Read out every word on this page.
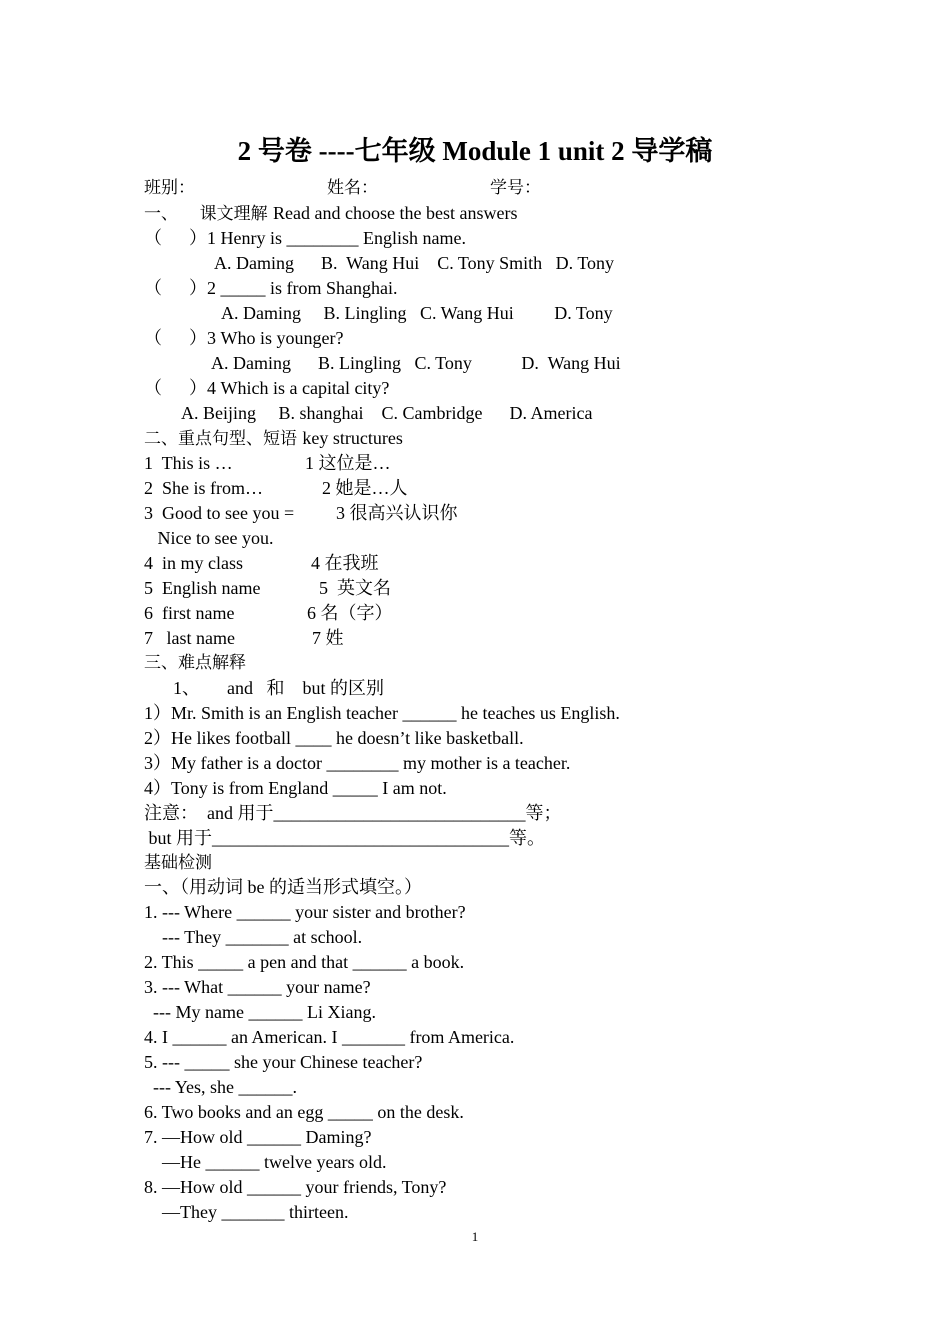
2 号卷 ----七年级 Module 1 unit 2 导学稿
班别：	姓名：	学号：
一、    课文理解 Read and choose the best answers
（      ）1 Henry is ________ English name.
A. Daming      B.  Wang Hui    C. Tony Smith   D. Tony
（      ）2 _____ is from Shanghai.
A. Daming     B. Lingling   C. Wang Hui         D. Tony
（      ）3 Who is younger?
A. Daming      B. Lingling   C. Tony           D.  Wang Hui
（      ）4 Which is a capital city?
A. Beijing     B. shanghai    C. Cambridge      D. America
二、重点句型、短语 key structures
1  This is …	1 这位是…
2  She is from…	2 她是…人
3  Good to see you = 3 很高兴认识你
Nice to see you.
4  in my class	4 在我班
5  English name	5  英文名
6  first name	6 名（字）
7   last name	7 姓
三、难点解释
1、      and   和    but 的区别
1）Mr. Smith is an English teacher ______ he teaches us English.
2）He likes football ____ he doesn’t like basketball.
3）My father is a doctor ________ my mother is a teacher.
4）Tony is from England _____ I am not.
注意：  and 用于____________________________等；
but 用于_________________________________等。
基础检测
一、（用动词 be 的适当形式填空。）
1. --- Where ______ your sister and brother?
--- They _______ at school.
2. This _____ a pen and that ______ a book.
3. --- What ______ your name?
--- My name ______ Li Xiang.
4. I ______ an American. I _______ from America.
5. --- _____ she your Chinese teacher?
--- Yes, she ______.
6. Two books and an egg _____ on the desk.
7. —How old ______ Daming?
—He ______ twelve years old.
8. —How old ______ your friends, Tony?
—They _______ thirteen.
1
